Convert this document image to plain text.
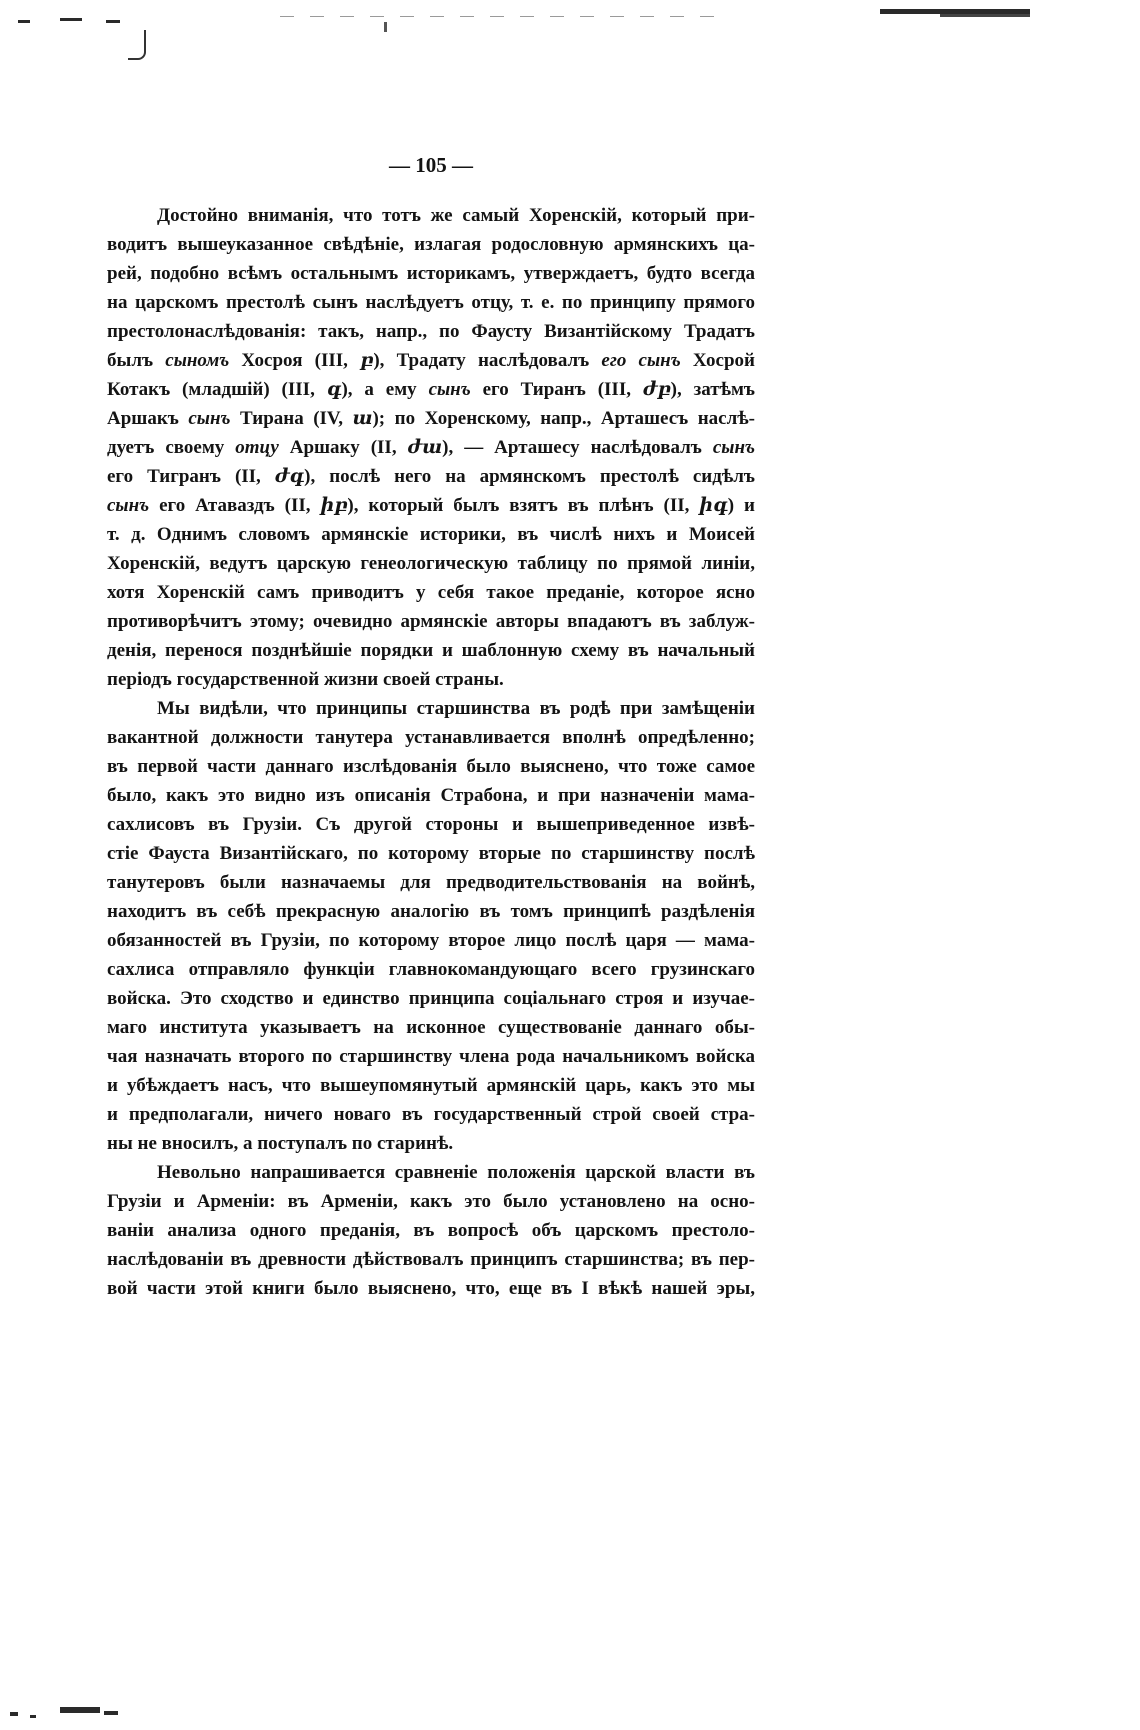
— 105 —
Достойно вниманія, что тотъ же самый Хоренскій, который при-
водитъ вышеуказанное свѣдѣніе, излагая родословную армянскихъ ца-
рей, подобно всѣмъ остальнымъ историкамъ, утверждаетъ, будто всегда
на царскомъ престолѣ сынъ наслѣдуетъ отцу, т. е. по принципу прямого
престолонаслѣдованія: такъ, напр., по Фаусту Византійскому Традатъ
былъ сыномъ Хосроя (III, բ), Традату наслѣдовалъ его сынъ Хосрой
Котакъ (младшій) (III, գ), а ему сынъ его Тиранъ (III, ժբ), затѣмъ
Аршакъ сынъ Тирана (IV, ա); по Хоренскому, напр., Арташесъ наслѣ-
дуетъ своему отцу Аршаку (II, ժա), — Арташесу наслѣдовалъ сынъ
его Тигранъ (II, ժգ), послѣ него на армянскомъ престолѣ сидѣлъ
сынъ его Атаваздъ (II, իբ), который былъ взятъ въ плѣнъ (II, իգ) и
т. д. Однимъ словомъ армянскіе историки, въ числѣ нихъ и Моисей
Хоренскій, ведутъ царскую генеологическую таблицу по прямой линіи,
хотя Хоренскій самъ приводитъ у себя такое преданіе, которое ясно
противорѣчитъ этому; очевидно армянскіе авторы впадаютъ въ заблуж-
денія, перенося позднѣйшіе порядки и шаблонную схему въ начальный
періодъ государственной жизни своей страны.
Мы видѣли, что принципы старшинства въ родѣ при замѣщеніи
вакантной должности танутера устанавливается вполнѣ опредѣленно;
въ первой части даннаго изслѣдованія было выяснено, что тоже самое
было, какъ это видно изъ описанія Страбона, и при назначеніи мама-
сахлисовъ въ Грузіи. Съ другой стороны и вышеприведенное извѣ-
стіе Фауста Византійскаго, по которому вторые по старшинству послѣ
танутеровъ были назначаемы для предводительствованія на войнѣ,
находитъ въ себѣ прекрасную аналогію въ томъ принципѣ раздѣленія
обязанностей въ Грузіи, по которому второе лицо послѣ царя — мама-
сахлиса отправляло функціи главнокомандующаго всего грузинскаго
войска. Это сходство и единство принципа соціальнаго строя и изучае-
маго института указываетъ на исконное существованіе даннаго обы-
чая назначать второго по старшинству члена рода начальникомъ войска
и убѣждаетъ насъ, что вышеупомянутый армянскій царь, какъ это мы
и предполагали, ничего новаго въ государственный строй своей стра-
ны не вносилъ, а поступалъ по старинѣ.
Невольно напрашивается сравненіе положенія царской власти въ
Грузіи и Арменіи: въ Арменіи, какъ это было установлено на осно-
ваніи анализа одного преданія, въ вопросѣ объ царскомъ престоло-
наслѣдованіи въ древности дѣйствовалъ принципъ старшинства; въ пер-
вой части этой книги было выяснено, что, еще въ I вѣкѣ нашей эры,
